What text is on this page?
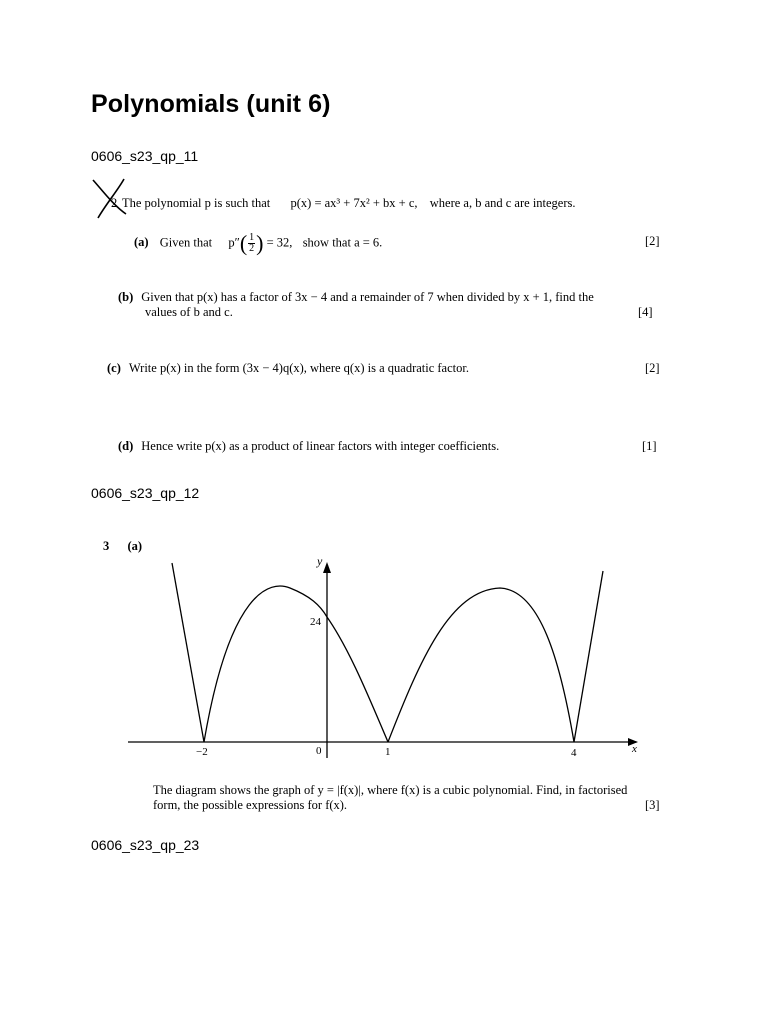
Polynomials (unit 6)
0606_s23_qp_11
2 The polynomial p is such that p(x) = ax³ + 7x² + bx + c, where a, b and c are integers.
(a) Given that $p''( \frac{1}{2}$ ) = 32, show that a = 6.	[2]
(b) Given that p(x) has a factor of 3x − 4 and a remainder of 7 when divided by x + 1, find the
values of b and c.	[4]
(c) Write p(x) in the form (3x − 4)q(x), where q(x) is a quadratic factor.	[2]
(d) Hence write p(x) as a product of linear factors with integer coefficients.	[1]
0606_s23_qp_12
3 (a)
y
x
24
0
−2	1	4
The diagram shows the graph of y = |f(x)|, where f(x) is a cubic polynomial. Find, in factorised
form, the possible expressions for f(x).	[3]
0606_s23_qp_23
